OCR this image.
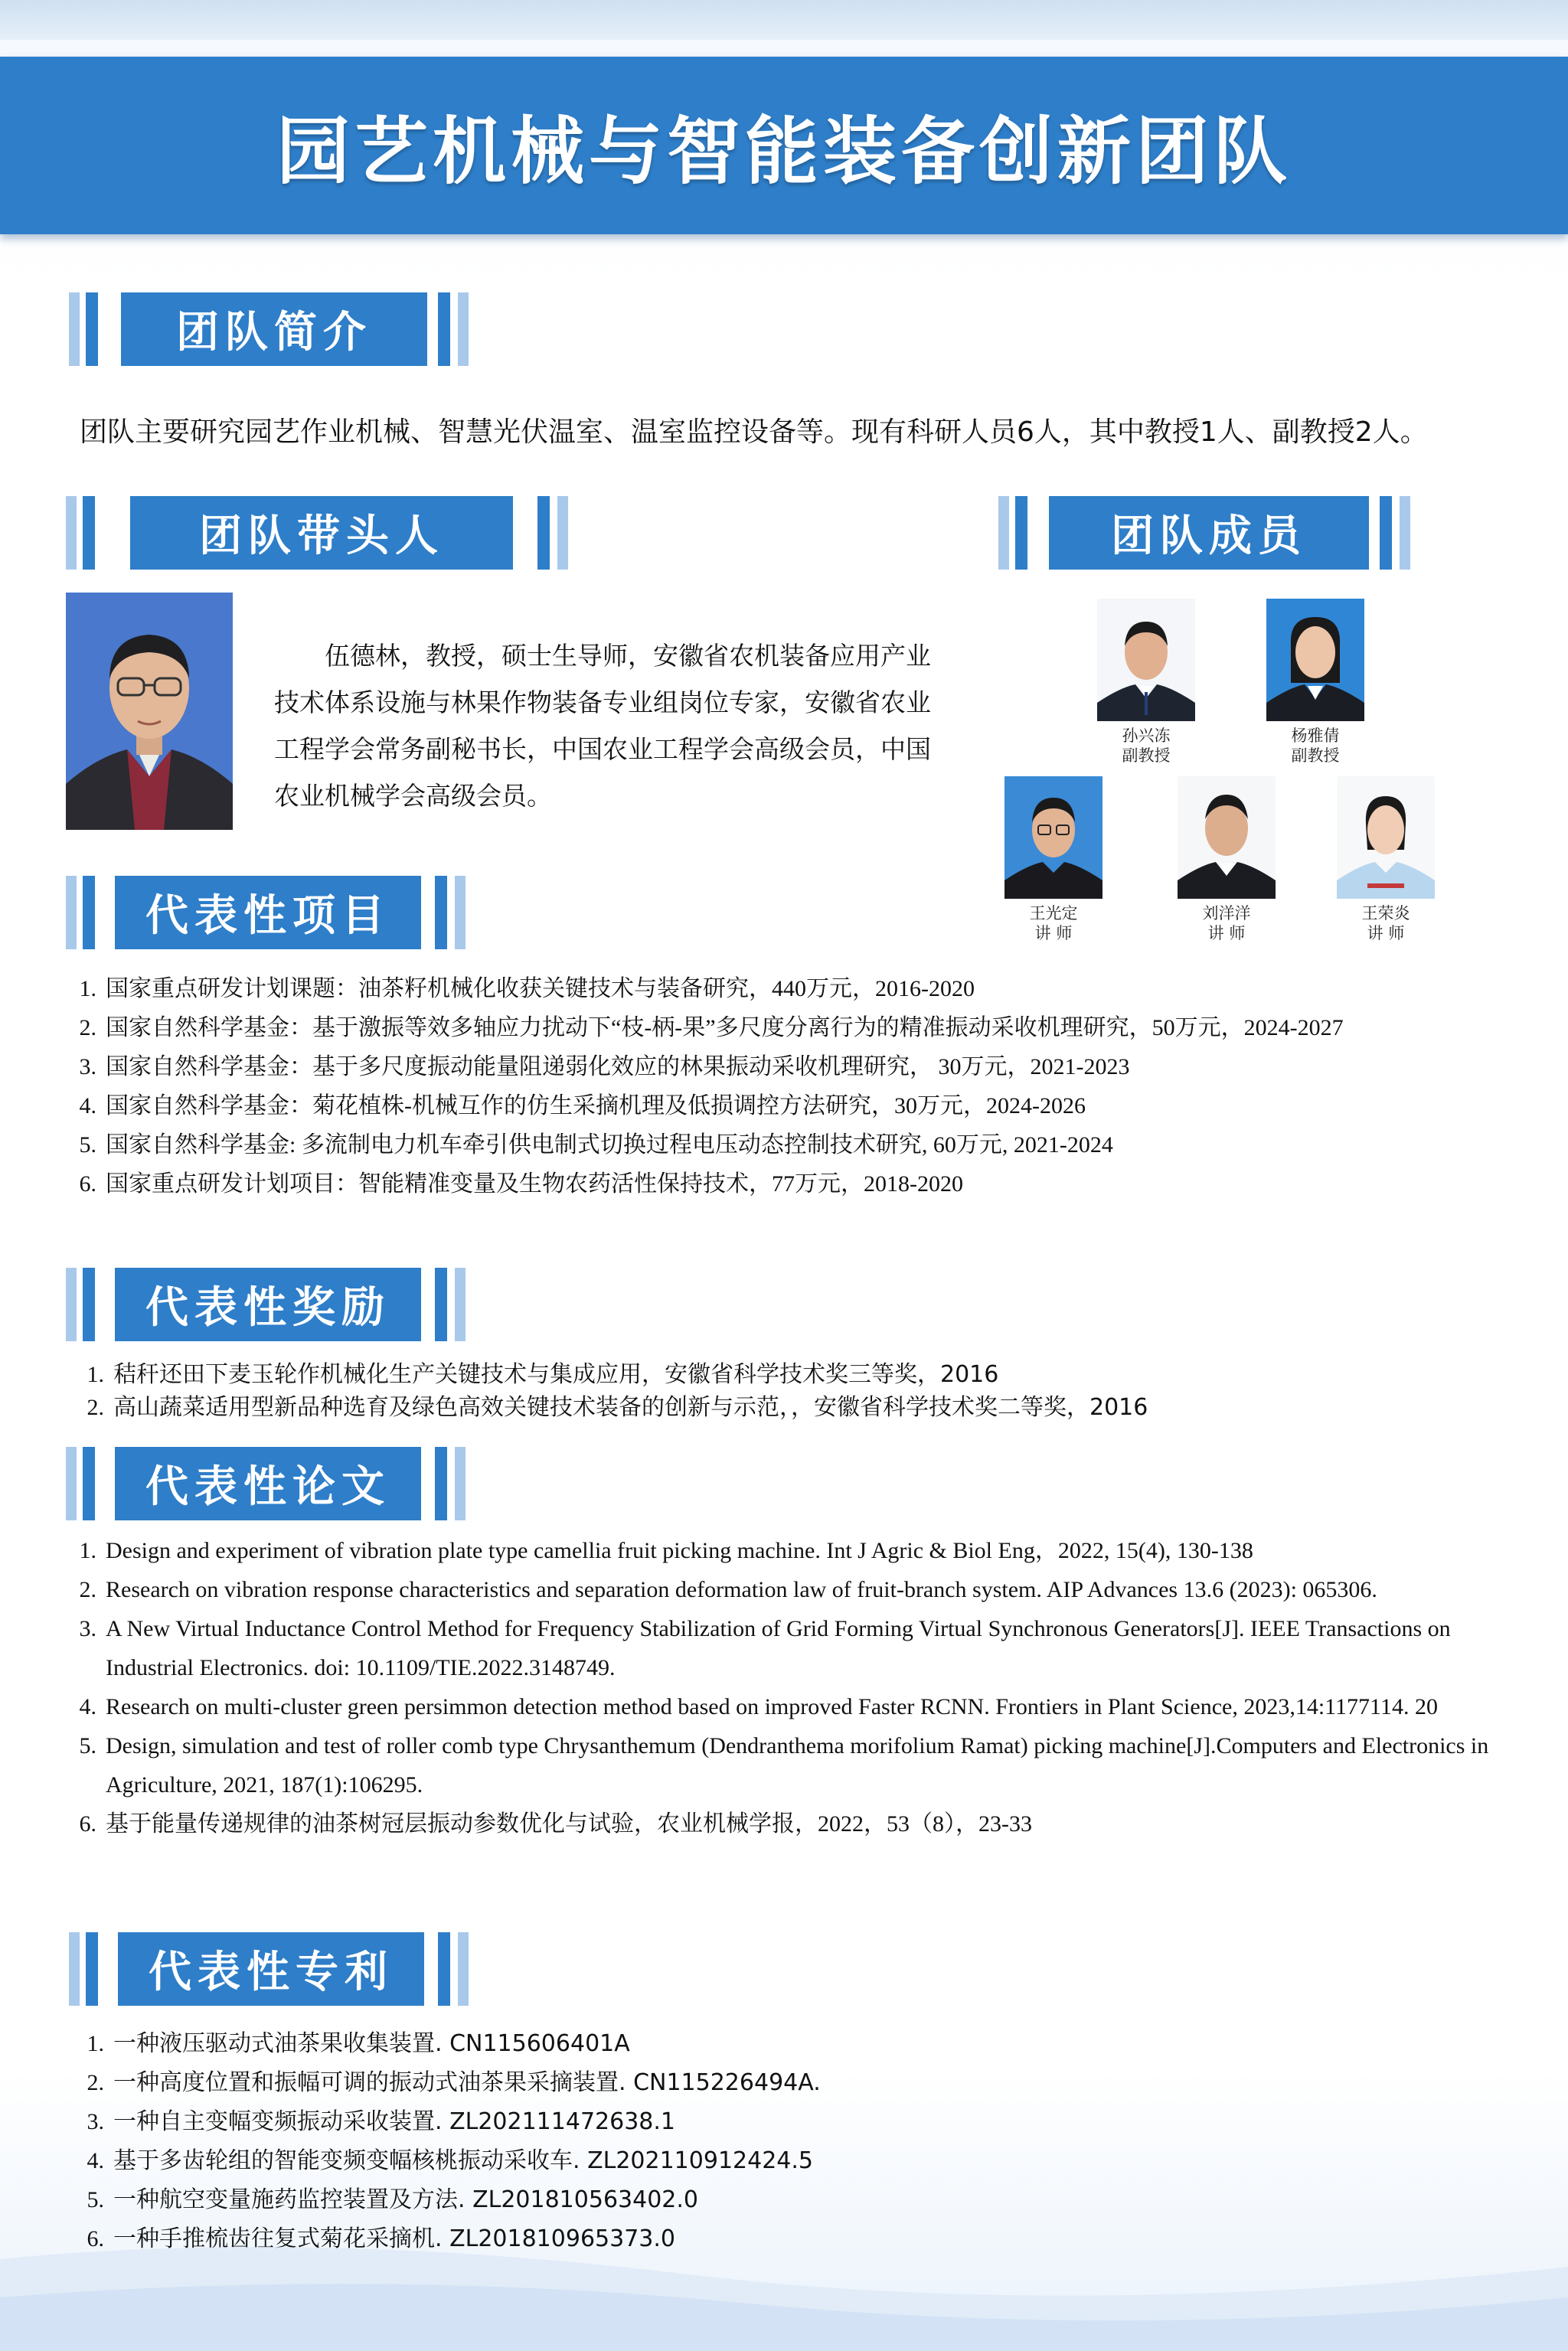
园艺机械与智能装备创新团队
团队简介
团队主要研究园艺作业机械、智慧光伏温室、温室监控设备等。现有科研人员6人，其中教授1人、副教授2人。
团队带头人	团队成员

伍德林，教授，硕士生导师，安徽省农机装备应用产业技术体系设施与林果作物装备专业组岗位专家，安徽省农业工程学会常务副秘书长，中国农业工程学会高级会员，中国农业机械学会高级会员。

孙兴冻
副教授
杨雅倩
副教授
王光定
讲 师
刘洋洋
讲 师
王荣炎
讲 师
代表性项目
1. 国家重点研发计划课题：油茶籽机械化收获关键技术与装备研究，440万元，2016-2020
2. 国家自然科学基金：基于激振等效多轴应力扰动下“枝-柄-果”多尺度分离行为的精准振动采收机理研究，50万元，2024-2027
3. 国家自然科学基金：基于多尺度振动能量阻递弱化效应的林果振动采收机理研究， 30万元，2021-2023
4. 国家自然科学基金：菊花植株-机械互作的仿生采摘机理及低损调控方法研究，30万元，2024-2026
5. 国家自然科学基金: 多流制电力机车牵引供电制式切换过程电压动态控制技术研究, 60万元, 2021-2024
6. 国家重点研发计划项目：智能精准变量及生物农药活性保持技术，77万元，2018-2020
代表性奖励
1. 秸秆还田下麦玉轮作机械化生产关键技术与集成应用，安徽省科学技术奖三等奖，2016
2. 高山蔬菜适用型新品种选育及绿色高效关键技术装备的创新与示范，，安徽省科学技术奖二等奖，2016
代表性论文
1. Design and experiment of vibration plate type camellia fruit picking machine. Int J Agric & Biol Eng，2022, 15(4), 130-138
2. Research on vibration response characteristics and separation deformation law of fruit-branch system. AIP Advances 13.6 (2023): 065306.
3. A New Virtual Inductance Control Method for Frequency Stabilization of Grid Forming Virtual Synchronous Generators[J]. IEEE Transactions on Industrial Electronics. doi: 10.1109/TIE.2022.3148749.
4. Research on multi-cluster green persimmon detection method based on improved Faster RCNN. Frontiers in Plant Science, 2023,14:1177114. 20
5. Design, simulation and test of roller comb type Chrysanthemum (Dendranthema morifolium Ramat) picking machine[J].Computers and Electronics in Agriculture, 2021, 187(1):106295.
6. 基于能量传递规律的油茶树冠层振动参数优化与试验，农业机械学报，2022，53（8），23-33
代表性专利
1. 一种液压驱动式油茶果收集装置. CN115606401A
2. 一种高度位置和振幅可调的振动式油茶果采摘装置. CN115226494A.
3. 一种自主变幅变频振动采收装置. ZL202111472638.1
4. 基于多齿轮组的智能变频变幅核桃振动采收车. ZL202110912424.5
5. 一种航空变量施药监控装置及方法. ZL201810563402.0
6. 一种手推梳齿往复式菊花采摘机. ZL201810965373.0
